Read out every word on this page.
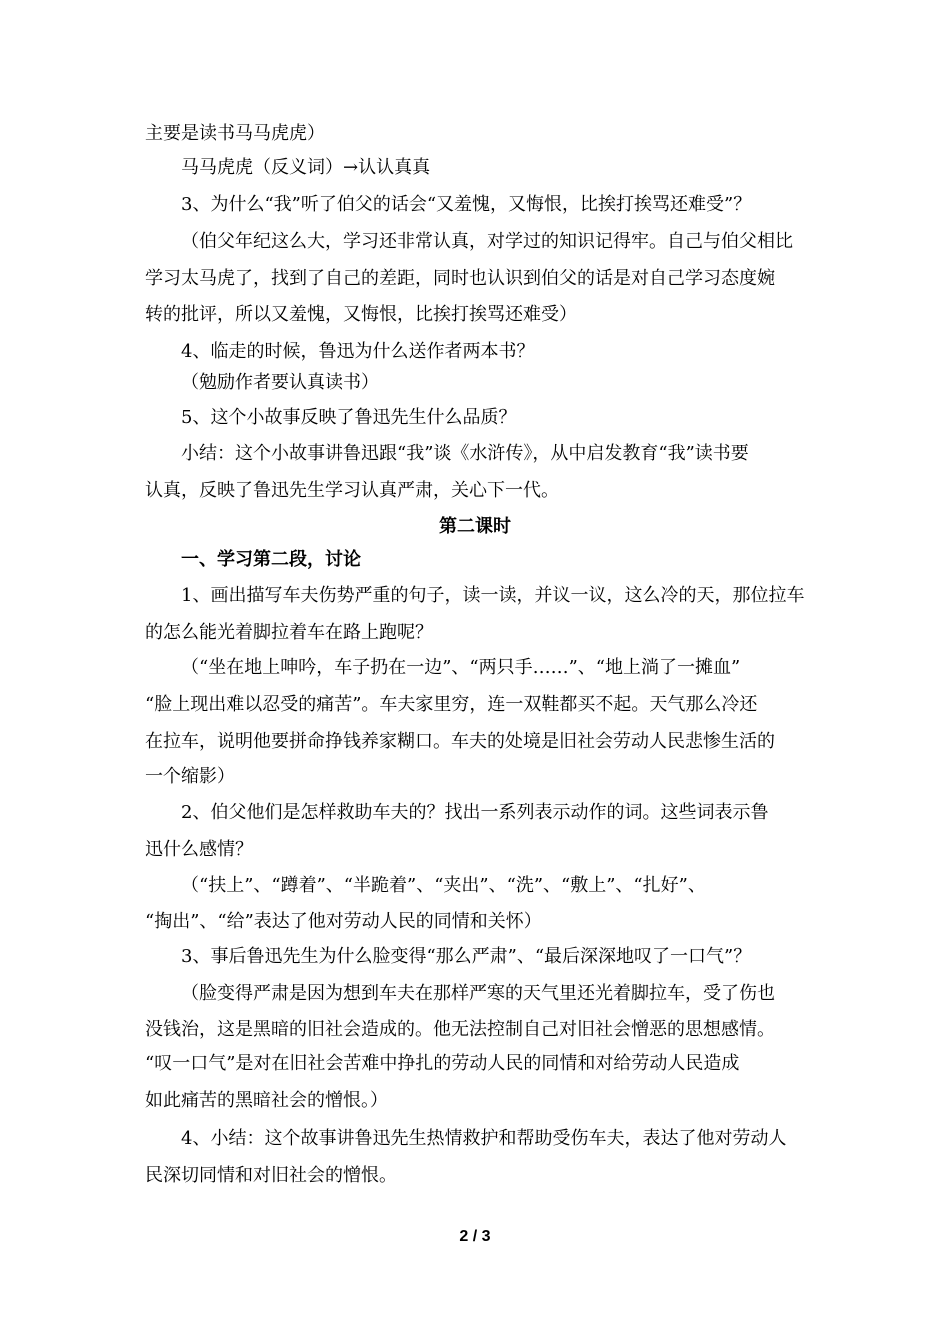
主要是读书马马虎虎）
马马虎虎（反义词）→认认真真
3、为什么“我”听了伯父的话会“又羞愧，又悔恨，比挨打挨骂还难受”？
（伯父年纪这么大，学习还非常认真，对学过的知识记得牢。自己与伯父相比
学习太马虎了，找到了自己的差距，同时也认识到伯父的话是对自己学习态度婉
转的批评，所以又羞愧，又悔恨，比挨打挨骂还难受）
4、临走的时候，鲁迅为什么送作者两本书？
（勉励作者要认真读书）
5、这个小故事反映了鲁迅先生什么品质？
小结：这个小故事讲鲁迅跟“我”谈《水浒传》，从中启发教育“我”读书要
认真，反映了鲁迅先生学习认真严肃，关心下一代。
第二课时
一、学习第二段，讨论
1、画出描写车夫伤势严重的句子，读一读，并议一议，这么冷的天，那位拉车
的怎么能光着脚拉着车在路上跑呢？
（“坐在地上呻吟，车子扔在一边”、“两只手……”、“地上淌了一摊血”
“脸上现出难以忍受的痛苦”。车夫家里穷，连一双鞋都买不起。天气那么冷还
在拉车，说明他要拼命挣钱养家糊口。车夫的处境是旧社会劳动人民悲惨生活的
一个缩影）
2、伯父他们是怎样救助车夫的？找出一系列表示动作的词。这些词表示鲁
迅什么感情？
（“扶上”、“蹲着”、“半跪着”、“夹出”、“洗”、“敷上”、“扎好”、
“掏出”、“给”表达了他对劳动人民的同情和关怀）
3、事后鲁迅先生为什么脸变得“那么严肃”、“最后深深地叹了一口气”？
（脸变得严肃是因为想到车夫在那样严寒的天气里还光着脚拉车，受了伤也
没钱治，这是黑暗的旧社会造成的。他无法控制自己对旧社会憎恶的思想感情。
“叹一口气”是对在旧社会苦难中挣扎的劳动人民的同情和对给劳动人民造成
如此痛苦的黑暗社会的憎恨。）
4、小结：这个故事讲鲁迅先生热情救护和帮助受伤车夫，表达了他对劳动人
民深切同情和对旧社会的憎恨。
2 / 3
